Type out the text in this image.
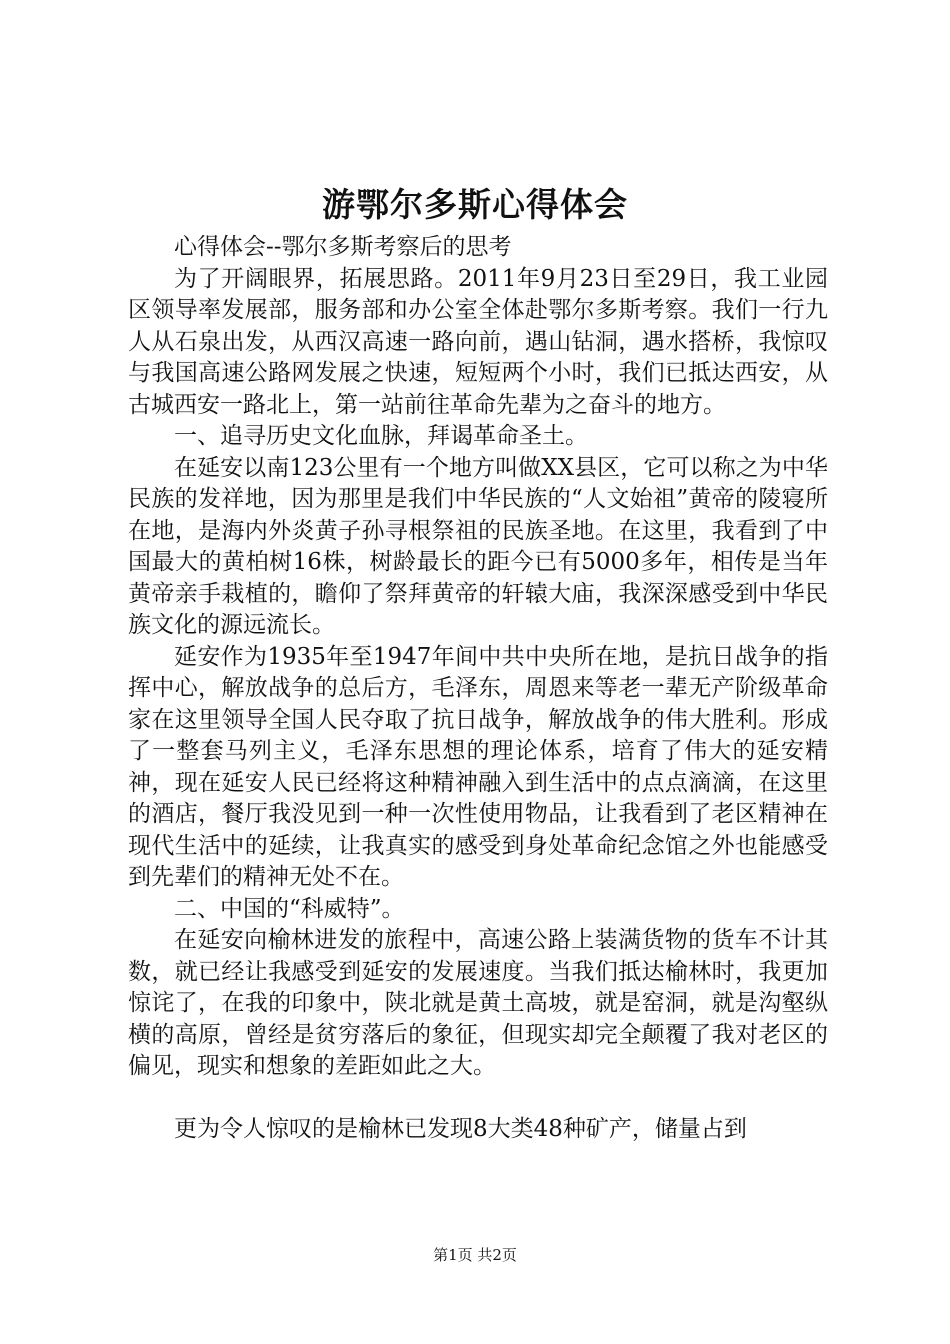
游鄂尔多斯心得体会

心得体会--鄂尔多斯考察后的思考

为了开阔眼界，拓展思路。2011年9月23日至29日，我工业园区领导率发展部，服务部和办公室全体赴鄂尔多斯考察。我们一行九人从石泉出发，从西汉高速一路向前，遇山钻洞，遇水搭桥，我惊叹与我国高速公路网发展之快速，短短两个小时，我们已抵达西安，从古城西安一路北上，第一站前往革命先辈为之奋斗的地方。

一、追寻历史文化血脉，拜谒革命圣土。

在延安以南123公里有一个地方叫做XX县区，它可以称之为中华民族的发祥地，因为那里是我们中华民族的“人文始祖”黄帝的陵寝所在地，是海内外炎黄子孙寻根祭祖的民族圣地。在这里，我看到了中国最大的黄柏树16株，树龄最长的距今已有5000多年，相传是当年黄帝亲手栽植的，瞻仰了祭拜黄帝的轩辕大庙，我深深感受到中华民族文化的源远流长。

延安作为1935年至1947年间中共中央所在地，是抗日战争的指挥中心，解放战争的总后方，毛泽东，周恩来等老一辈无产阶级革命家在这里领导全国人民夺取了抗日战争，解放战争的伟大胜利。形成了一整套马列主义，毛泽东思想的理论体系，培育了伟大的延安精神，现在延安人民已经将这种精神融入到生活中的点点滴滴，在这里的酒店，餐厅我没见到一种一次性使用物品，让我看到了老区精神在现代生活中的延续，让我真实的感受到身处革命纪念馆之外也能感受到先辈们的精神无处不在。

二、中国的“科威特”。

在延安向榆林进发的旅程中，高速公路上装满货物的货车不计其数，就已经让我感受到延安的发展速度。当我们抵达榆林时，我更加惊诧了，在我的印象中，陕北就是黄土高坡，就是窑洞，就是沟壑纵横的高原，曾经是贫穷落后的象征，但现实却完全颠覆了我对老区的偏见，现实和想象的差距如此之大。

更为令人惊叹的是榆林已发现8大类48种矿产，储量占到

第1页 共2页
